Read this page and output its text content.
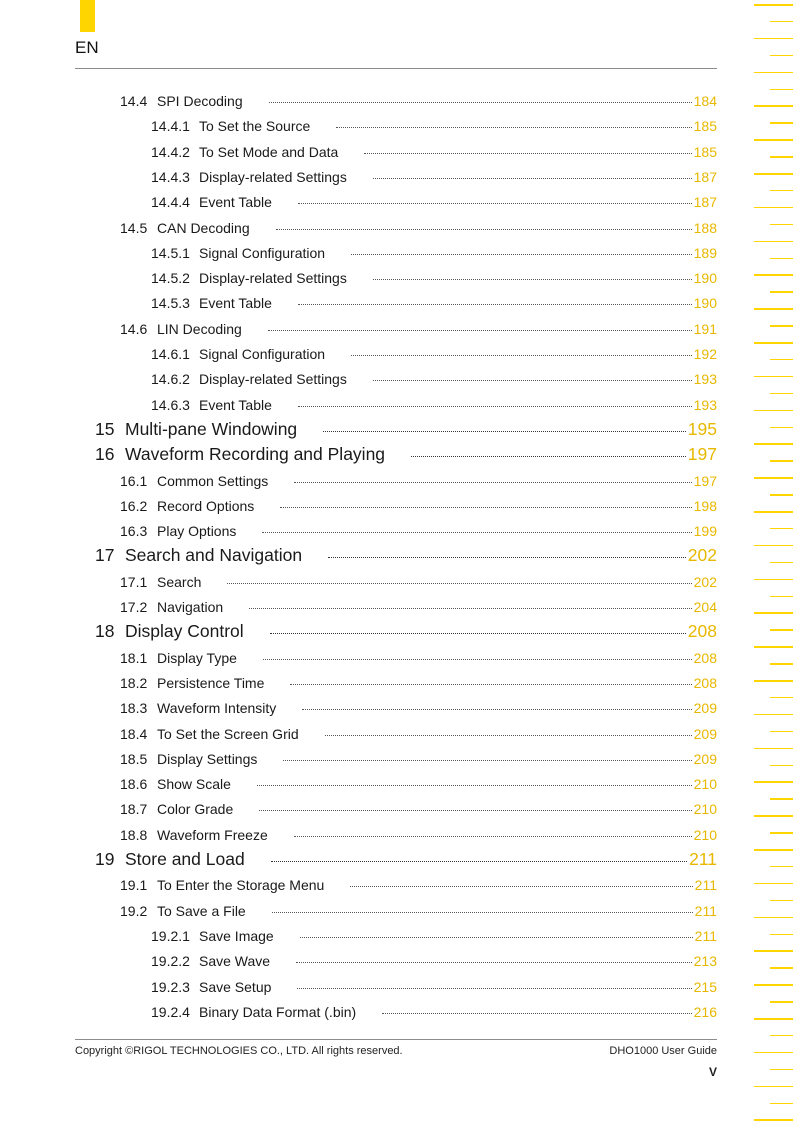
EN
14.4 SPI Decoding	184
14.4.1 To Set the Source	185
14.4.2 To Set Mode and Data	185
14.4.3 Display-related Settings	187
14.4.4 Event Table	187
14.5 CAN Decoding	188
14.5.1 Signal Configuration	189
14.5.2 Display-related Settings	190
14.5.3 Event Table	190
14.6 LIN Decoding	191
14.6.1 Signal Configuration	192
14.6.2 Display-related Settings	193
14.6.3 Event Table	193
15 Multi-pane Windowing	195
16 Waveform Recording and Playing	197
16.1 Common Settings	197
16.2 Record Options	198
16.3 Play Options	199
17 Search and Navigation	202
17.1 Search	202
17.2 Navigation	204
18 Display Control	208
18.1 Display Type	208
18.2 Persistence Time	208
18.3 Waveform Intensity	209
18.4 To Set the Screen Grid	209
18.5 Display Settings	209
18.6 Show Scale	210
18.7 Color Grade	210
18.8 Waveform Freeze	210
19 Store and Load	211
19.1 To Enter the Storage Menu	211
19.2 To Save a File	211
19.2.1 Save Image	211
19.2.2 Save Wave	213
19.2.3 Save Setup	215
19.2.4 Binary Data Format (.bin)	216
Copyright ©RIGOL TECHNOLOGIES CO., LTD. All rights reserved.	DHO1000 User Guide
V
